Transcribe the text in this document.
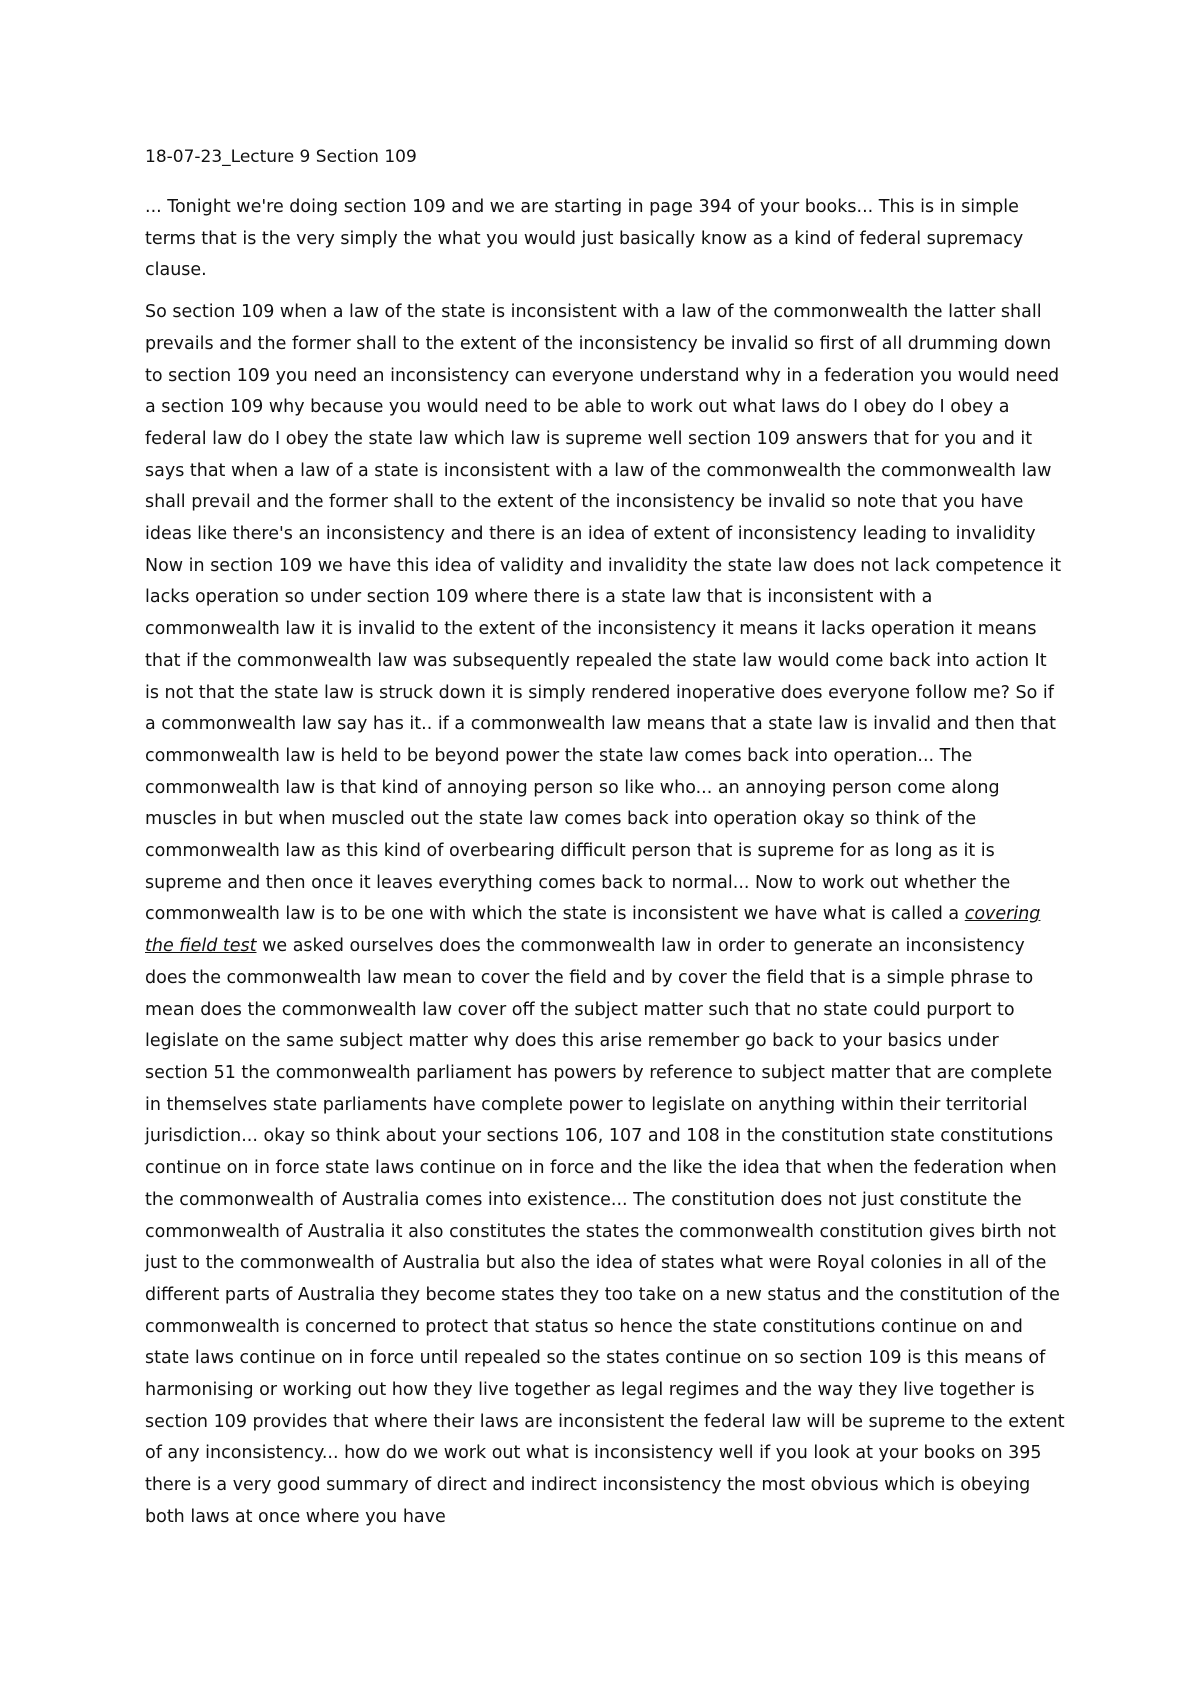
18-07-23_Lecture 9 Section 109

... Tonight we're doing section 109 and we are starting in page 394 of your books... This is in simple terms that is the very simply the what you would just basically know as a kind of federal supremacy clause.

So section 109 when a law of the state is inconsistent with a law of the commonwealth the latter shall prevails and the former shall to the extent of the inconsistency be invalid so first of all drumming down to section 109 you need an inconsistency can everyone understand why in a federation you would need a section 109 why because you would need to be able to work out what laws do I obey do I obey a federal law do I obey the state law which law is supreme well section 109 answers that for you and it says that when a law of a state is inconsistent with a law of the commonwealth the commonwealth law shall prevail and the former shall to the extent of the inconsistency be invalid so note that you have ideas like there's an inconsistency and there is an idea of extent of inconsistency leading to invalidity Now in section 109 we have this idea of validity and invalidity the state law does not lack competence it lacks operation so under section 109 where there is a state law that is inconsistent with a commonwealth law it is invalid to the extent of the inconsistency it means it lacks operation it means that if the commonwealth law was subsequently repealed the state law would come back into action It is not that the state law is struck down it is simply rendered inoperative does everyone follow me? So if a commonwealth law say has it.. if a commonwealth law means that a state law is invalid and then that commonwealth law is held to be beyond power the state law comes back into operation... The commonwealth law is that kind of annoying person so like who... an annoying person come along muscles in but when muscled out the state law comes back into operation okay so think of the commonwealth law as this kind of overbearing difficult person that is supreme for as long as it is supreme and then once it leaves everything comes back to normal... Now to work out whether the commonwealth law is to be one with which the state is inconsistent we have what is called a covering the field test we asked ourselves does the commonwealth law in order to generate an inconsistency does the commonwealth law mean to cover the field and by cover the field that is a simple phrase to mean does the commonwealth law cover off the subject matter such that no state could purport to legislate on the same subject matter why does this arise remember go back to your basics under section 51 the commonwealth parliament has powers by reference to subject matter that are complete in themselves state parliaments have complete power to legislate on anything within their territorial jurisdiction... okay so think about your sections 106, 107 and 108 in the constitution state constitutions continue on in force state laws continue on in force and the like the idea that when the federation when the commonwealth of Australia comes into existence... The constitution does not just constitute the commonwealth of Australia it also constitutes the states the commonwealth constitution gives birth not just to the commonwealth of Australia but also the idea of states what were Royal colonies in all of the different parts of Australia they become states they too take on a new status and the constitution of the commonwealth is concerned to protect that status so hence the state constitutions continue on and state laws continue on in force until repealed so the states continue on so section 109 is this means of harmonising or working out how they live together as legal regimes and the way they live together is section 109 provides that where their laws are inconsistent the federal law will be supreme to the extent of any inconsistency... how do we work out what is inconsistency well if you look at your books on 395 there is a very good summary of direct and indirect inconsistency the most obvious which is obeying both laws at once where you have
